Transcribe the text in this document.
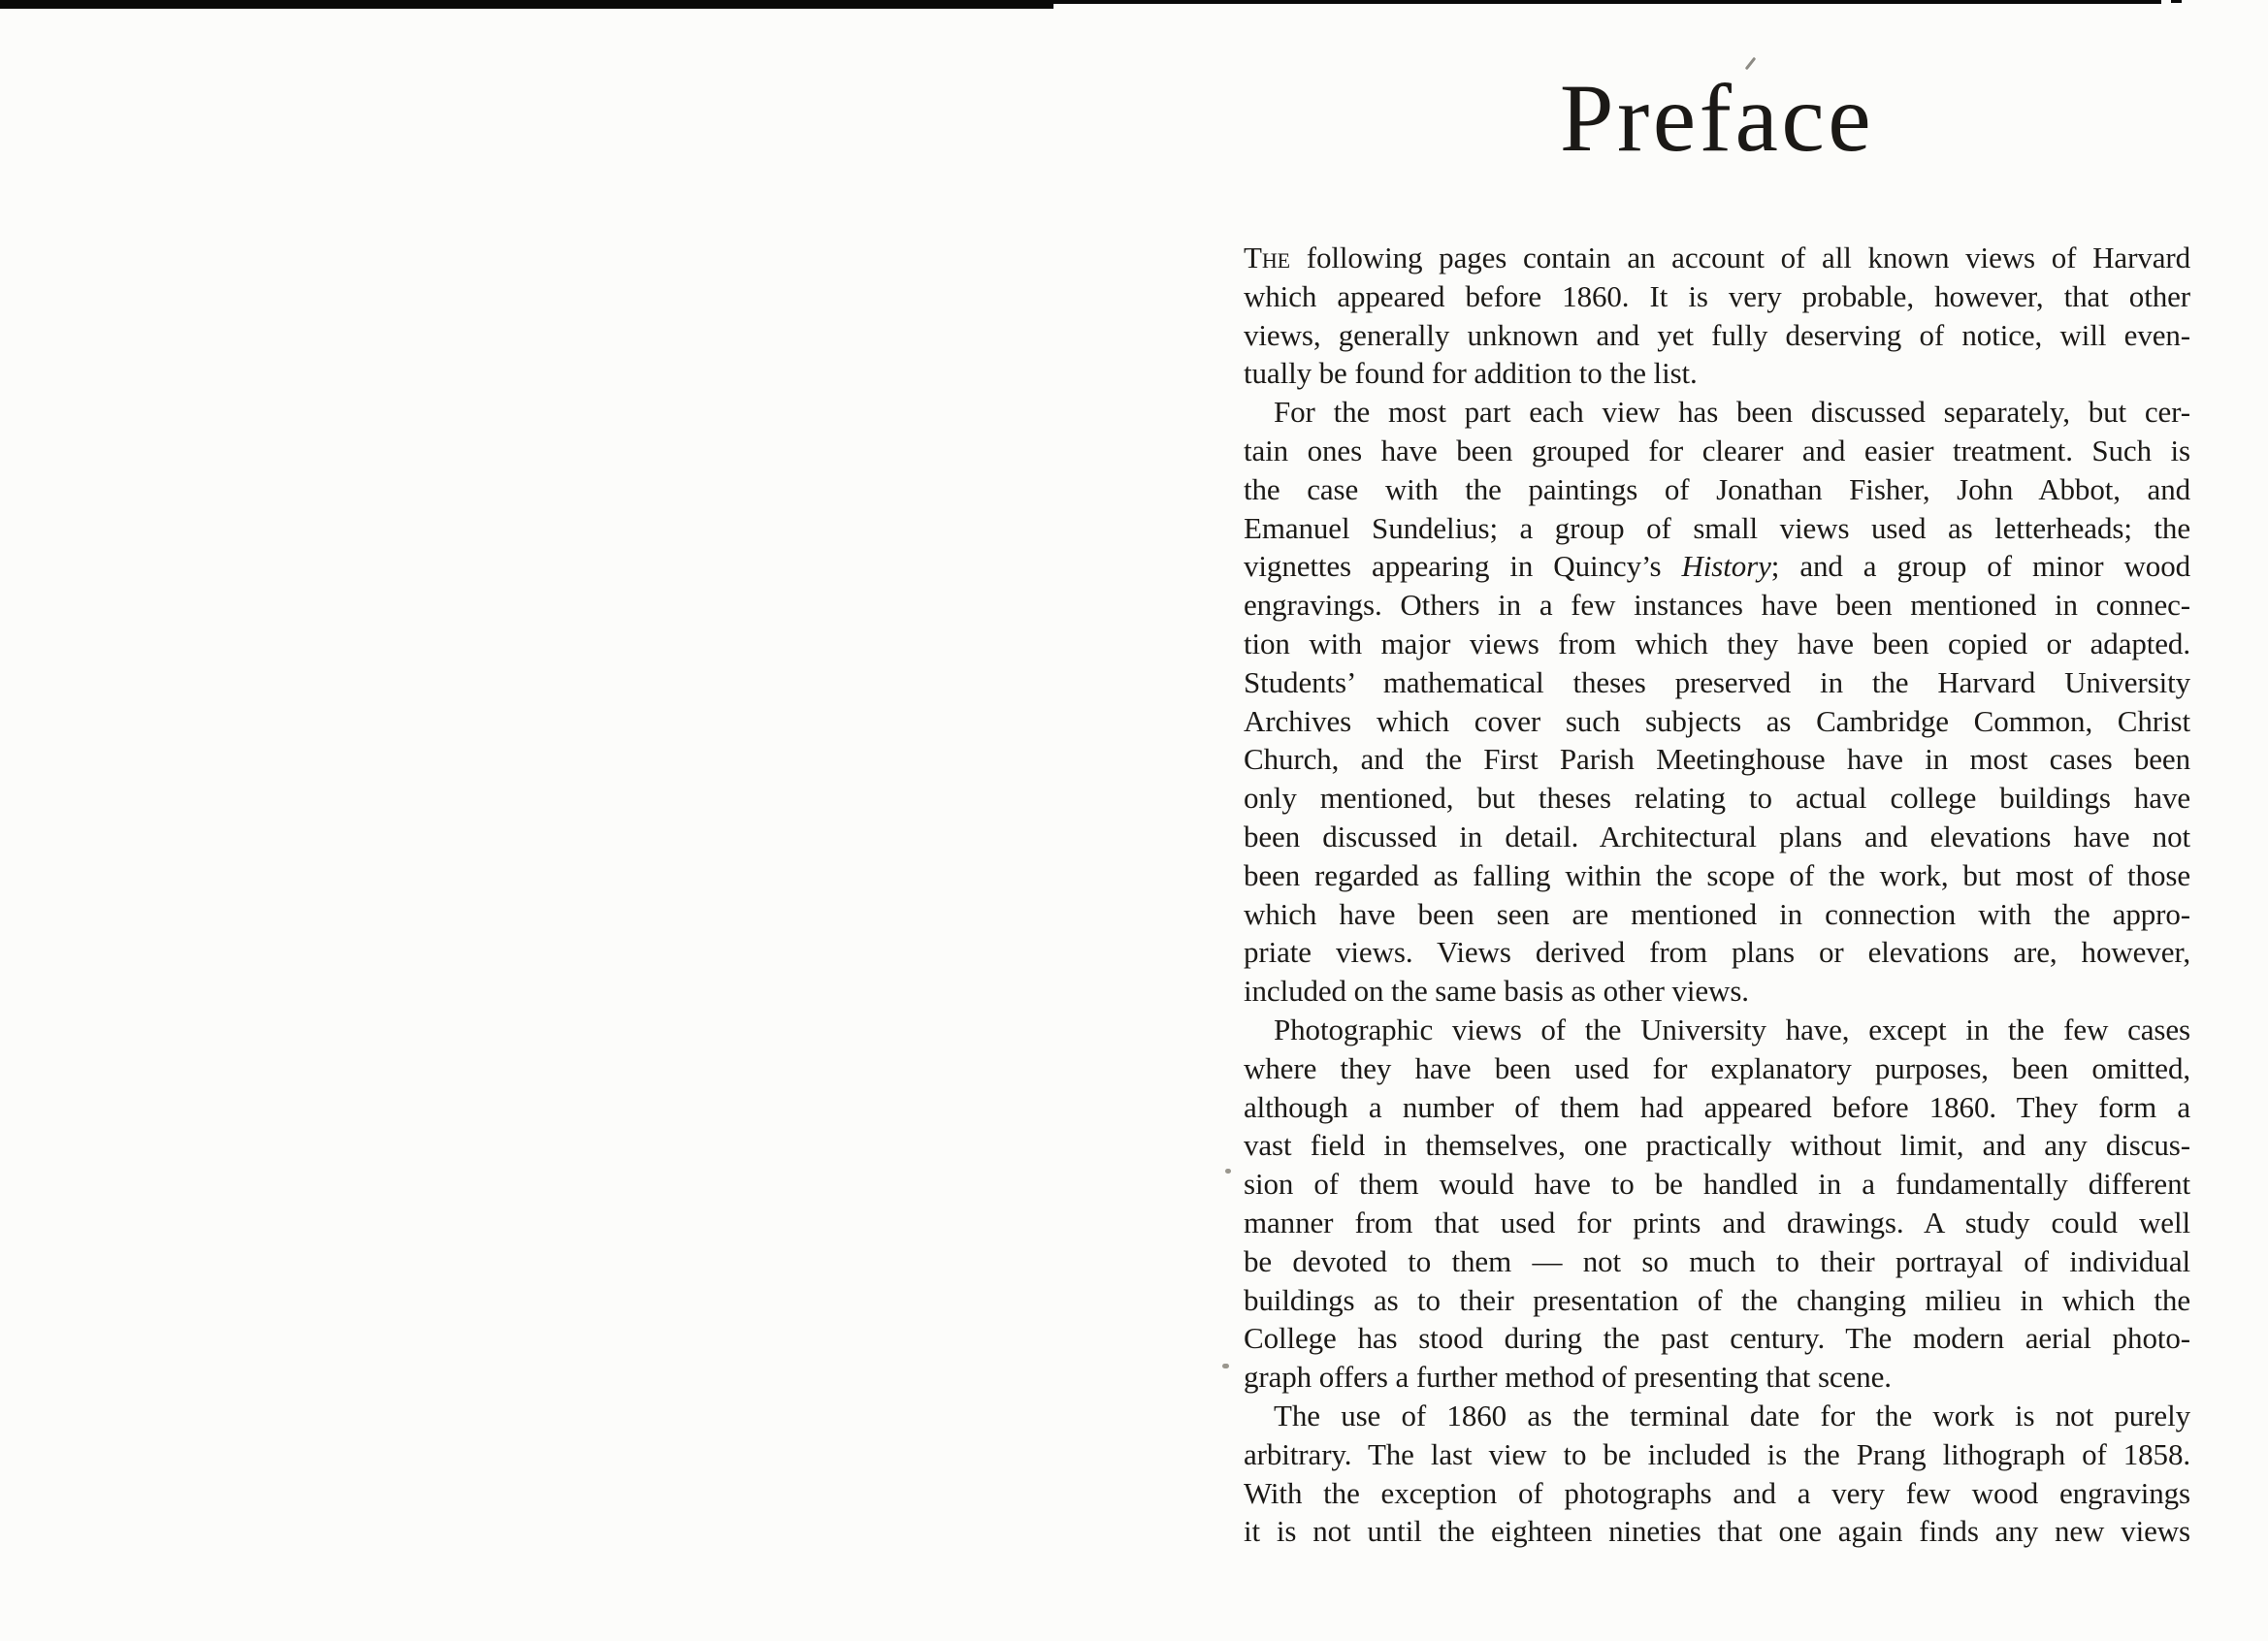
Preface
The following pages contain an account of all known views of Harvard
which appeared before 1860. It is very probable, however, that other
views, generally unknown and yet fully deserving of notice, will even-
tually be found for addition to the list.
For the most part each view has been discussed separately, but cer-
tain ones have been grouped for clearer and easier treatment. Such is
the case with the paintings of Jonathan Fisher, John Abbot, and
Emanuel Sundelius; a group of small views used as letterheads; the
vignettes appearing in Quincy’s History; and a group of minor wood
engravings. Others in a few instances have been mentioned in connec-
tion with major views from which they have been copied or adapted.
Students’ mathematical theses preserved in the Harvard University
Archives which cover such subjects as Cambridge Common, Christ
Church, and the First Parish Meetinghouse have in most cases been
only mentioned, but theses relating to actual college buildings have
been discussed in detail. Architectural plans and elevations have not
been regarded as falling within the scope of the work, but most of those
which have been seen are mentioned in connection with the appro-
priate views. Views derived from plans or elevations are, however,
included on the same basis as other views.
Photographic views of the University have, except in the few cases
where they have been used for explanatory purposes, been omitted,
although a number of them had appeared before 1860. They form a
vast field in themselves, one practically without limit, and any discus-
sion of them would have to be handled in a fundamentally different
manner from that used for prints and drawings. A study could well
be devoted to them — not so much to their portrayal of individual
buildings as to their presentation of the changing milieu in which the
College has stood during the past century. The modern aerial photo-
graph offers a further method of presenting that scene.
The use of 1860 as the terminal date for the work is not purely
arbitrary. The last view to be included is the Prang lithograph of 1858.
With the exception of photographs and a very few wood engravings
it is not until the eighteen nineties that one again finds any new views
